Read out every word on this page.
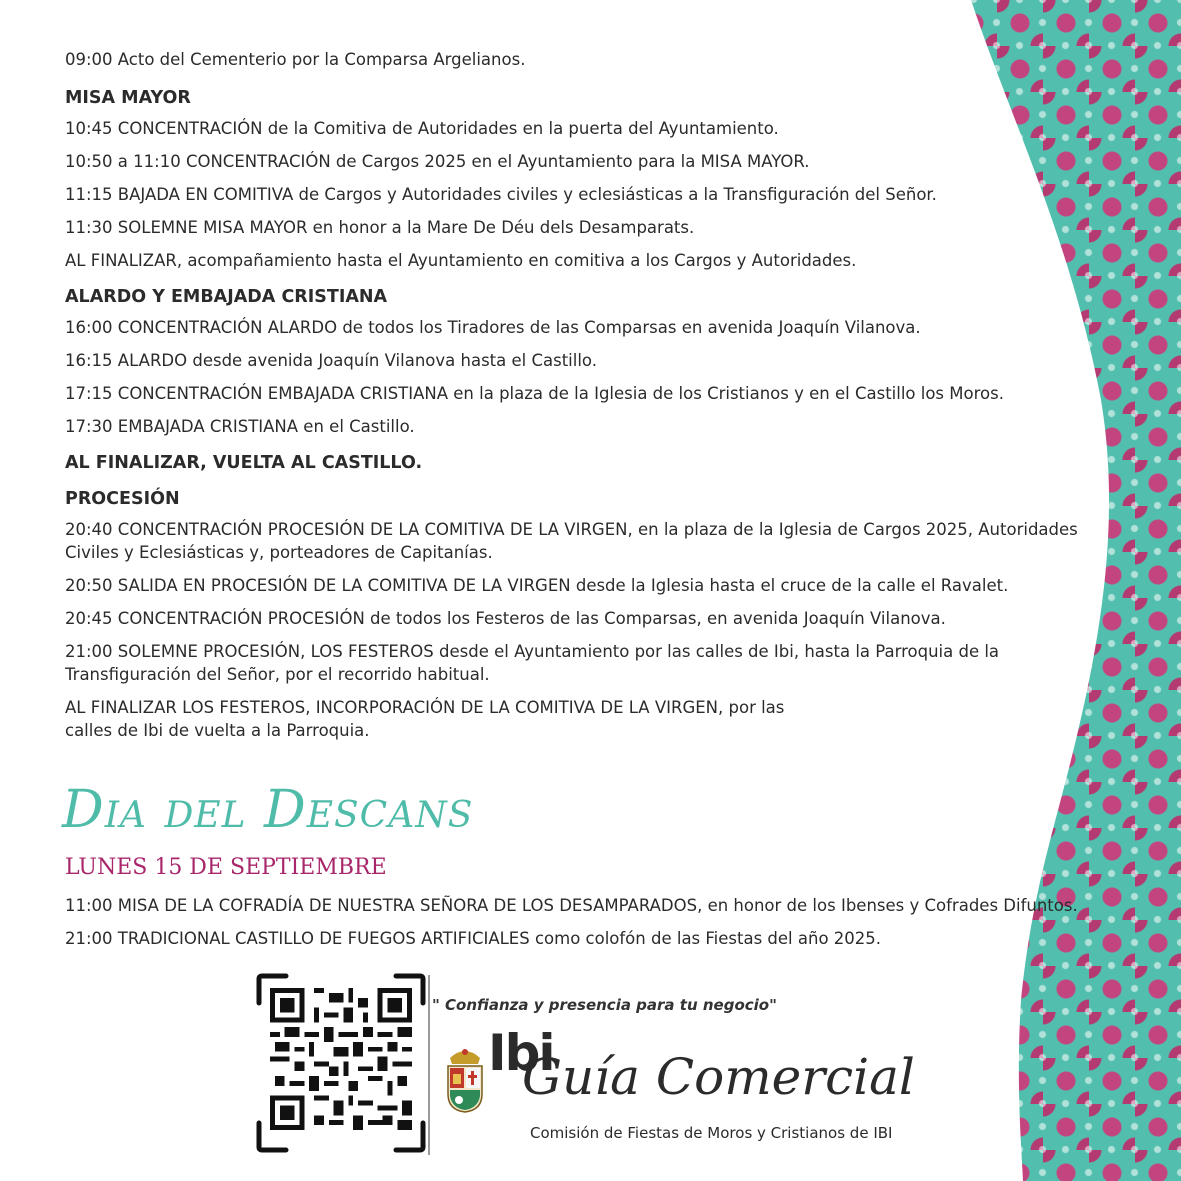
09:00 Acto del Cementerio por la Comparsa Argelianos.

MISA MAYOR

10:45 CONCENTRACIÓN de la Comitiva de Autoridades en la puerta del Ayuntamiento.

10:50 a 11:10 CONCENTRACIÓN de Cargos 2025 en el Ayuntamiento para la MISA MAYOR.

11:15 BAJADA EN COMITIVA de Cargos y Autoridades civiles y eclesiásticas a la Transfiguración del Señor.

11:30 SOLEMNE MISA MAYOR en honor a la Mare De Déu dels Desamparats.

AL FINALIZAR, acompañamiento hasta el Ayuntamiento en comitiva a los Cargos y Autoridades.

ALARDO Y EMBAJADA CRISTIANA

16:00 CONCENTRACIÓN ALARDO de todos los Tiradores de las Comparsas en avenida Joaquín Vilanova.

16:15 ALARDO desde avenida Joaquín Vilanova hasta el Castillo.

17:15 CONCENTRACIÓN EMBAJADA CRISTIANA en la plaza de la Iglesia de los Cristianos y en el Castillo los Moros.

17:30 EMBAJADA CRISTIANA en el Castillo.

AL FINALIZAR, VUELTA AL CASTILLO.

PROCESIÓN

20:40 CONCENTRACIÓN PROCESIÓN DE LA COMITIVA DE LA VIRGEN, en la plaza de la Iglesia de Cargos 2025, Autoridades Civiles y Eclesiásticas y, porteadores de Capitanías.

20:50 SALIDA EN PROCESIÓN DE LA COMITIVA DE LA VIRGEN desde la Iglesia hasta el cruce de la calle el Ravalet.

20:45 CONCENTRACIÓN PROCESIÓN de todos los Festeros de las Comparsas, en avenida Joaquín Vilanova.

21:00 SOLEMNE PROCESIÓN, LOS FESTEROS desde el Ayuntamiento por las calles de Ibi, hasta la Parroquia de la Transfiguración del Señor, por el recorrido habitual.

AL FINALIZAR LOS FESTEROS, INCORPORACIÓN DE LA COMITIVA DE LA VIRGEN, por las calles de Ibi de vuelta a la Parroquia.

Dia del Descans
LUNES 15 DE SEPTIEMBRE

11:00 MISA DE LA COFRADÍA DE NUESTRA SEÑORA DE LOS DESAMPARADOS, en honor de los Ibenses y Cofrades Difuntos.

21:00 TRADICIONAL CASTILLO DE FUEGOS ARTIFICIALES como colofón de las Fiestas del año 2025.

" Confianza y presencia para tu negocio"
Ibi
Guía Comercial
Comisión de Fiestas de Moros y Cristianos de IBI
